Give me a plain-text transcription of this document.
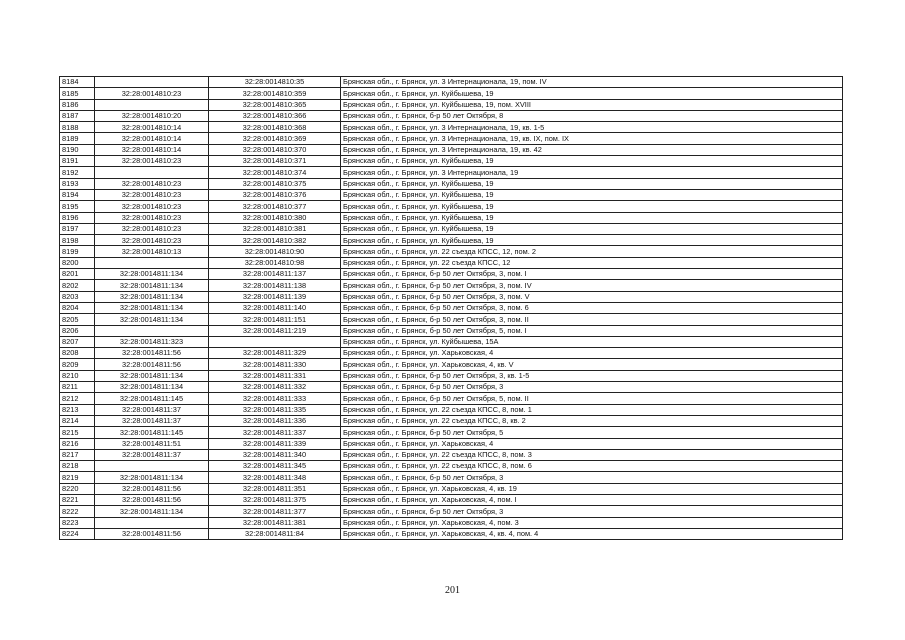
8184		32:28:0014810:35	Брянская обл., г. Брянск, ул. 3 Интернационала, 19, пом. IV
8185	32:28:0014810:23	32:28:0014810:359	Брянская обл., г. Брянск, ул. Куйбышева, 19
8186		32:28:0014810:365	Брянская обл., г. Брянск, ул. Куйбышева, 19, пом. XVIII
8187	32:28:0014810:20	32:28:0014810:366	Брянская обл., г. Брянск, б-р 50 лет Октября, 8
8188	32:28:0014810:14	32:28:0014810:368	Брянская обл., г. Брянск, ул. 3 Интернационала, 19, кв. 1-5
8189	32:28:0014810:14	32:28:0014810:369	Брянская обл., г. Брянск, ул. 3 Интернационала, 19, кв. IX, пом. IX
8190	32:28:0014810:14	32:28:0014810:370	Брянская обл., г. Брянск, ул. 3 Интернационала, 19, кв. 42
8191	32:28:0014810:23	32:28:0014810:371	Брянская обл., г. Брянск, ул. Куйбышева, 19
8192		32:28:0014810:374	Брянская обл., г. Брянск, ул. 3 Интернационала, 19
8193	32:28:0014810:23	32:28:0014810:375	Брянская обл., г. Брянск, ул. Куйбышева, 19
8194	32:28:0014810:23	32:28:0014810:376	Брянская обл., г. Брянск, ул. Куйбышева, 19
8195	32:28:0014810:23	32:28:0014810:377	Брянская обл., г. Брянск, ул. Куйбышева, 19
8196	32:28:0014810:23	32:28:0014810:380	Брянская обл., г. Брянск, ул. Куйбышева, 19
8197	32:28:0014810:23	32:28:0014810:381	Брянская обл., г. Брянск, ул. Куйбышева, 19
8198	32:28:0014810:23	32:28:0014810:382	Брянская обл., г. Брянск, ул. Куйбышева, 19
8199	32:28:0014810:13	32:28:0014810:90	Брянская обл., г. Брянск, ул. 22 съезда КПСС, 12, пом. 2
8200		32:28:0014810:98	Брянская обл., г. Брянск, ул. 22 съезда КПСС, 12
8201	32:28:0014811:134	32:28:0014811:137	Брянская обл., г. Брянск, б-р 50 лет Октября, 3, пом. I
8202	32:28:0014811:134	32:28:0014811:138	Брянская обл., г. Брянск, б-р 50 лет Октября, 3, пом. IV
8203	32:28:0014811:134	32:28:0014811:139	Брянская обл., г. Брянск, б-р 50 лет Октября, 3, пом. V
8204	32:28:0014811:134	32:28:0014811:140	Брянская обл., г. Брянск, б-р 50 лет Октября, 3, пом. 6
8205	32:28:0014811:134	32:28:0014811:151	Брянская обл., г. Брянск, б-р 50 лет Октября, 3, пом. II
8206		32:28:0014811:219	Брянская обл., г. Брянск, б-р 50 лет Октября, 5, пом. I
8207	32:28:0014811:323		Брянская обл., г. Брянск, ул. Куйбышева, 15А
8208	32:28:0014811:56	32:28:0014811:329	Брянская обл., г. Брянск, ул. Харьковская, 4
8209	32:28:0014811:56	32:28:0014811:330	Брянская обл., г. Брянск, ул. Харьковская, 4, кв. V
8210	32:28:0014811:134	32:28:0014811:331	Брянская обл., г. Брянск, б-р 50 лет Октября, 3, кв. 1-5
8211	32:28:0014811:134	32:28:0014811:332	Брянская обл., г. Брянск, б-р 50 лет Октября, 3
8212	32:28:0014811:145	32:28:0014811:333	Брянская обл., г. Брянск, б-р 50 лет Октября, 5, пом. II
8213	32:28:0014811:37	32:28:0014811:335	Брянская обл., г. Брянск, ул. 22 съезда КПСС, 8, пом. 1
8214	32:28:0014811:37	32:28:0014811:336	Брянская обл., г. Брянск, ул. 22 съезда КПСС, 8, кв. 2
8215	32:28:0014811:145	32:28:0014811:337	Брянская обл., г. Брянск, б-р 50 лет Октября, 5
8216	32:28:0014811:51	32:28:0014811:339	Брянская обл., г. Брянск, ул. Харьковская, 4
8217	32:28:0014811:37	32:28:0014811:340	Брянская обл., г. Брянск, ул. 22 съезда КПСС, 8, пом. 3
8218		32:28:0014811:345	Брянская обл., г. Брянск, ул. 22 съезда КПСС, 8, пом. 6
8219	32:28:0014811:134	32:28:0014811:348	Брянская обл., г. Брянск, б-р 50 лет Октября, 3
8220	32:28:0014811:56	32:28:0014811:351	Брянская обл., г. Брянск, ул. Харьковская, 4, кв. 19
8221	32:28:0014811:56	32:28:0014811:375	Брянская обл., г. Брянск, ул. Харьковская, 4, пом. I
8222	32:28:0014811:134	32:28:0014811:377	Брянская обл., г. Брянск, б-р 50 лет Октября, 3
8223		32:28:0014811:381	Брянская обл., г. Брянск, ул. Харьковская, 4, пом. 3
8224	32:28:0014811:56	32:28:0014811:84	Брянская обл., г. Брянск, ул. Харьковская, 4, кв. 4, пом. 4
201
